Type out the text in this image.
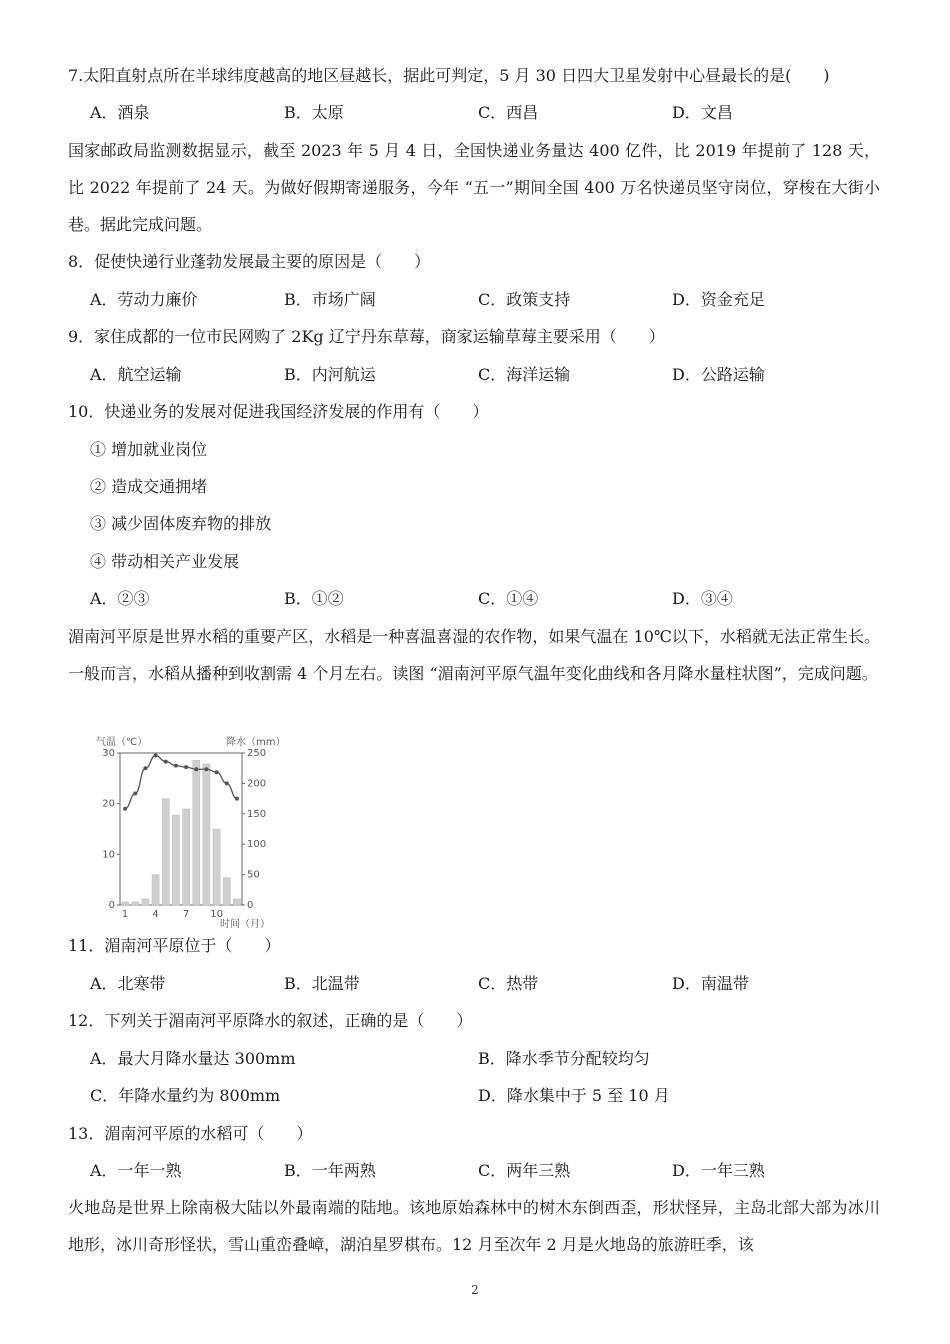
7.太阳直射点所在半球纬度越高的地区昼越长，据此可判定，5 月 30 日四大卫星发射中心昼最长的是(　　)
A．酒泉	B．太原	C．西昌	D．文昌
国家邮政局监测数据显示，截至 2023 年 5 月 4 日，全国快递业务量达 400 亿件，比 2019 年提前了 128 天，比 2022 年提前了 24 天。为做好假期寄递服务，今年 “五一”期间全国 400 万名快递员坚守岗位，穿梭在大街小巷。据此完成问题。
8．促使快递行业蓬勃发展最主要的原因是（　　）
A．劳动力廉价	B．市场广阔	C．政策支持	D．资金充足
9．家住成都的一位市民网购了 2Kg 辽宁丹东草莓，商家运输草莓主要采用（　　）
A．航空运输	B．内河航运	C．海洋运输	D．公路运输
10．快递业务的发展对促进我国经济发展的作用有（　　）
① 增加就业岗位
② 造成交通拥堵
③ 减少固体废弃物的排放
④ 带动相关产业发展
A．②③	B．①②	C．①④	D．③④
湄南河平原是世界水稻的重要产区，水稻是一种喜温喜湿的农作物，如果气温在 10℃以下，水稻就无法正常生长。一般而言，水稻从播种到收割需 4 个月左右。读图 “湄南河平原气温年变化曲线和各月降水量柱状图”，完成问题。
气温（℃）	降水（mm）
时间（月）
0
10
20
30
0
50
100
150
200
250
1 4 7 10
11．湄南河平原位于（　　）
A．北寒带	B．北温带	C．热带	D．南温带
12．下列关于湄南河平原降水的叙述，正确的是（　　）
A．最大月降水量达 300mm	B．降水季节分配较均匀
C．年降水量约为 800mm	D．降水集中于 5 至 10 月
13．湄南河平原的水稻可（　　）
A．一年一熟	B．一年两熟	C．两年三熟	D．一年三熟
火地岛是世界上除南极大陆以外最南端的陆地。该地原始森林中的树木东倒西歪，形状怪异，主岛北部大部为冰川地形，冰川奇形怪状，雪山重峦叠嶂，湖泊星罗棋布。12 月至次年 2 月是火地岛的旅游旺季，该
2
